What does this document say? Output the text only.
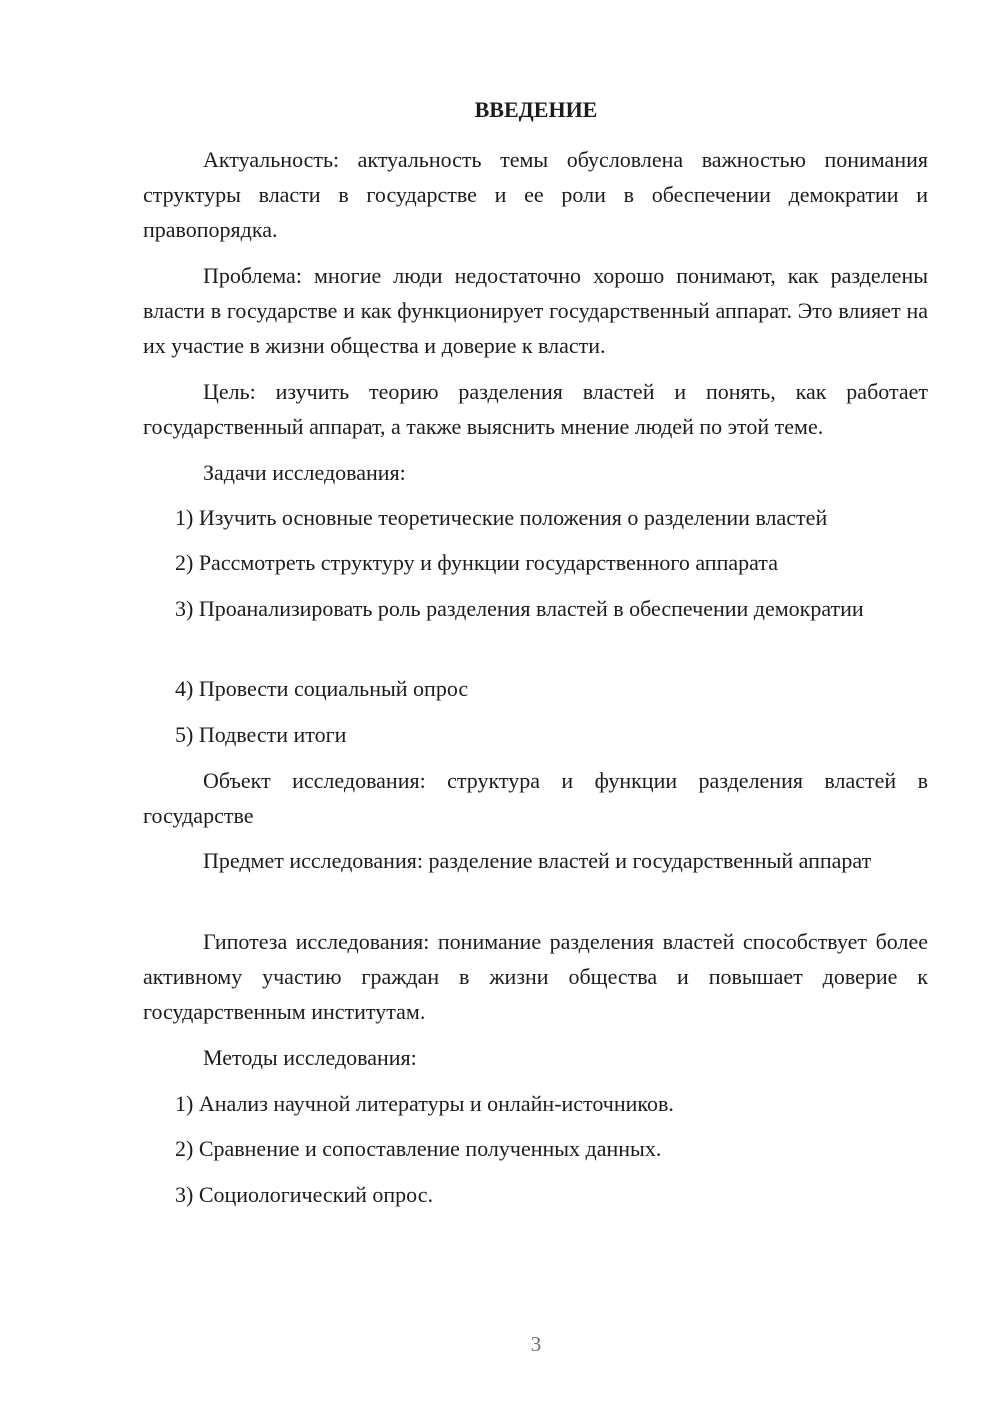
ВВЕДЕНИЕ

Актуальность: актуальность темы обусловлена важностью понимания структуры власти в государстве и ее роли в обеспечении демократии и правопорядка.

Проблема: многие люди недостаточно хорошо понимают, как разделены власти в государстве и как функционирует государственный аппарат. Это влияет на их участие в жизни общества и доверие к власти.

Цель: изучить теорию разделения властей и понять, как работает государственный аппарат, а также выяснить мнение людей по этой теме.

Задачи исследования:

1) Изучить основные теоретические положения о разделении властей

2) Рассмотреть структуру и функции государственного аппарата

3) Проанализировать роль разделения властей в обеспечении демократии

4) Провести социальный опрос

5) Подвести итоги

Объект исследования: структура и функции разделения властей в государстве

Предмет исследования: разделение властей и государственный аппарат

Гипотеза исследования: понимание разделения властей способствует более активному участию граждан в жизни общества и повышает доверие к государственным институтам.

Методы исследования:

1) Анализ научной литературы и онлайн-источников.

2) Сравнение и сопоставление полученных данных.

3) Социологический опрос.

3
